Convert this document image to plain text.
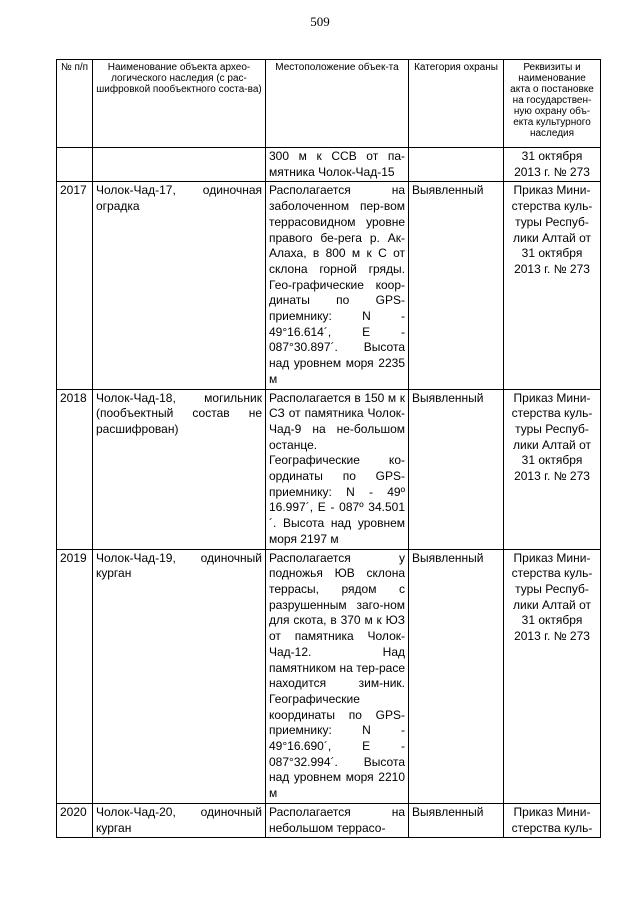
509
№ п/п	Наименование объекта архео-логического наследия (с рас-шифровкой пообъектного соста-ва)	Местоположение объек-та	Категория охраны	Реквизиты и наименование акта о постановке на государствен-ную охрану объ-екта культурного наследия
		300 м к ССВ от па-мятника Чолок-Чад-15		31 октября 2013 г. № 273
2017	Чолок-Чад-17, одиночная оградка	Располагается на заболоченном пер-вом террасовидном уровне правого бе-рега р. Ак-Алаха, в 800 м к С от склона горной гряды. Гео-графические коор-динаты по GPS-приемнику: N - 49°16.614´, E - 087°30.897´. Высота над уровнем моря 2235 м	Выявленный	Приказ Мини-стерства куль-туры Респуб-лики Алтай от 31 октября 2013 г. № 273
2018	Чолок-Чад-18, могильник (пообъектный состав не расшифрован)	Располагается в 150 м к СЗ от памятника Чолок-Чад-9 на не-большом останце. Географические ко-ординаты по GPS-приемнику: N - 49º 16.997´, E - 087º 34.501´. Высота над уровнем моря 2197 м	Выявленный	Приказ Мини-стерства куль-туры Респуб-лики Алтай от 31 октября 2013 г. № 273
2019	Чолок-Чад-19, одиночный курган	Располагается у подножья ЮВ склона террасы, рядом с разрушенным заго-ном для скота, в 370 м к ЮЗ от памятника Чолок-Чад-12. Над памятником на тер-расе находится зим-ник. Географические координаты по GPS-приемнику: N - 49°16.690´, E - 087°32.994´. Высота над уровнем моря 2210 м	Выявленный	Приказ Мини-стерства куль-туры Респуб-лики Алтай от 31 октября 2013 г. № 273
2020	Чолок-Чад-20, одиночный курган	Располагается на небольшом террасо-	Выявленный	Приказ Мини-стерства куль-
